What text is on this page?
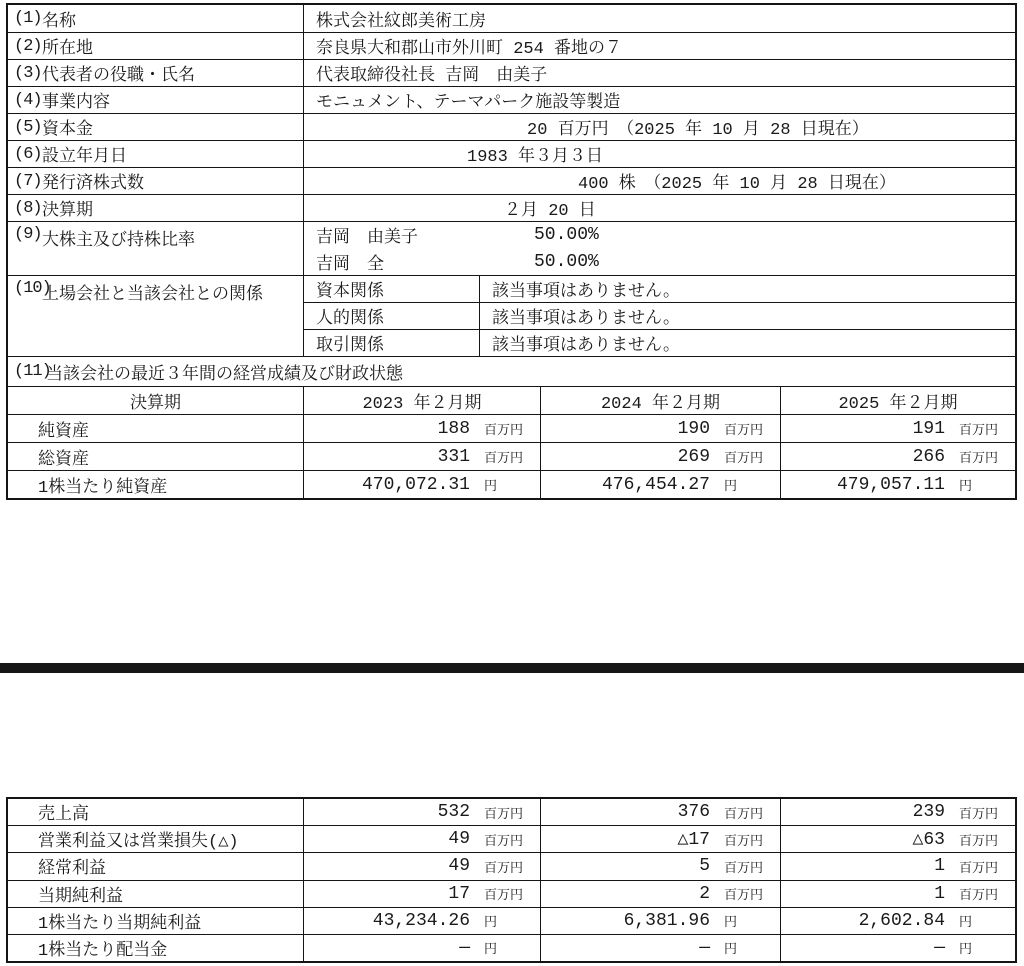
(1) 名称	株式会社紋郎美術工房
(2) 所在地	奈良県大和郡山市外川町 254 番地の７
(3) 代表者の役職・氏名	代表取締役社長 吉岡　由美子
(4) 事業内容	モニュメント、テーマパーク施設等製造
(5) 資本金	20 百万円　（2025 年 10 月 28 日現在）
(6) 設立年月日	1983 年３月３日
(7) 発行済株式数	400 株　（2025 年 10 月 28 日現在）
(8) 決算期	２月 20 日
(9) 大株主及び持株比率	吉岡　由美子	50.00%
吉岡　全	50.00%
(10)
上場会社と当該会社との関係	資本関係	該当事項はありません。
人的関係	該当事項はありません。
取引関係	該当事項はありません。
(11)
当該会社の最近３年間の経営成績及び財政状態
決算期	2023 年２月期	2024 年２月期	2025 年２月期
純資産	188 百万円	190 百万円	191 百万円
総資産	331 百万円	269 百万円	266 百万円
1株当たり純資産	470,072.31 円	476,454.27 円	479,057.11 円
売上高	532 百万円	376 百万円	239 百万円
営業利益又は営業損失(△)	49 百万円	△17 百万円	△63 百万円
経常利益	49 百万円	5 百万円	1 百万円
当期純利益	17 百万円	2 百万円	1 百万円
1株当たり当期純利益	43,234.26 円	6,381.96 円	2,602.84 円
1株当たり配当金	― 円	― 円	― 円
